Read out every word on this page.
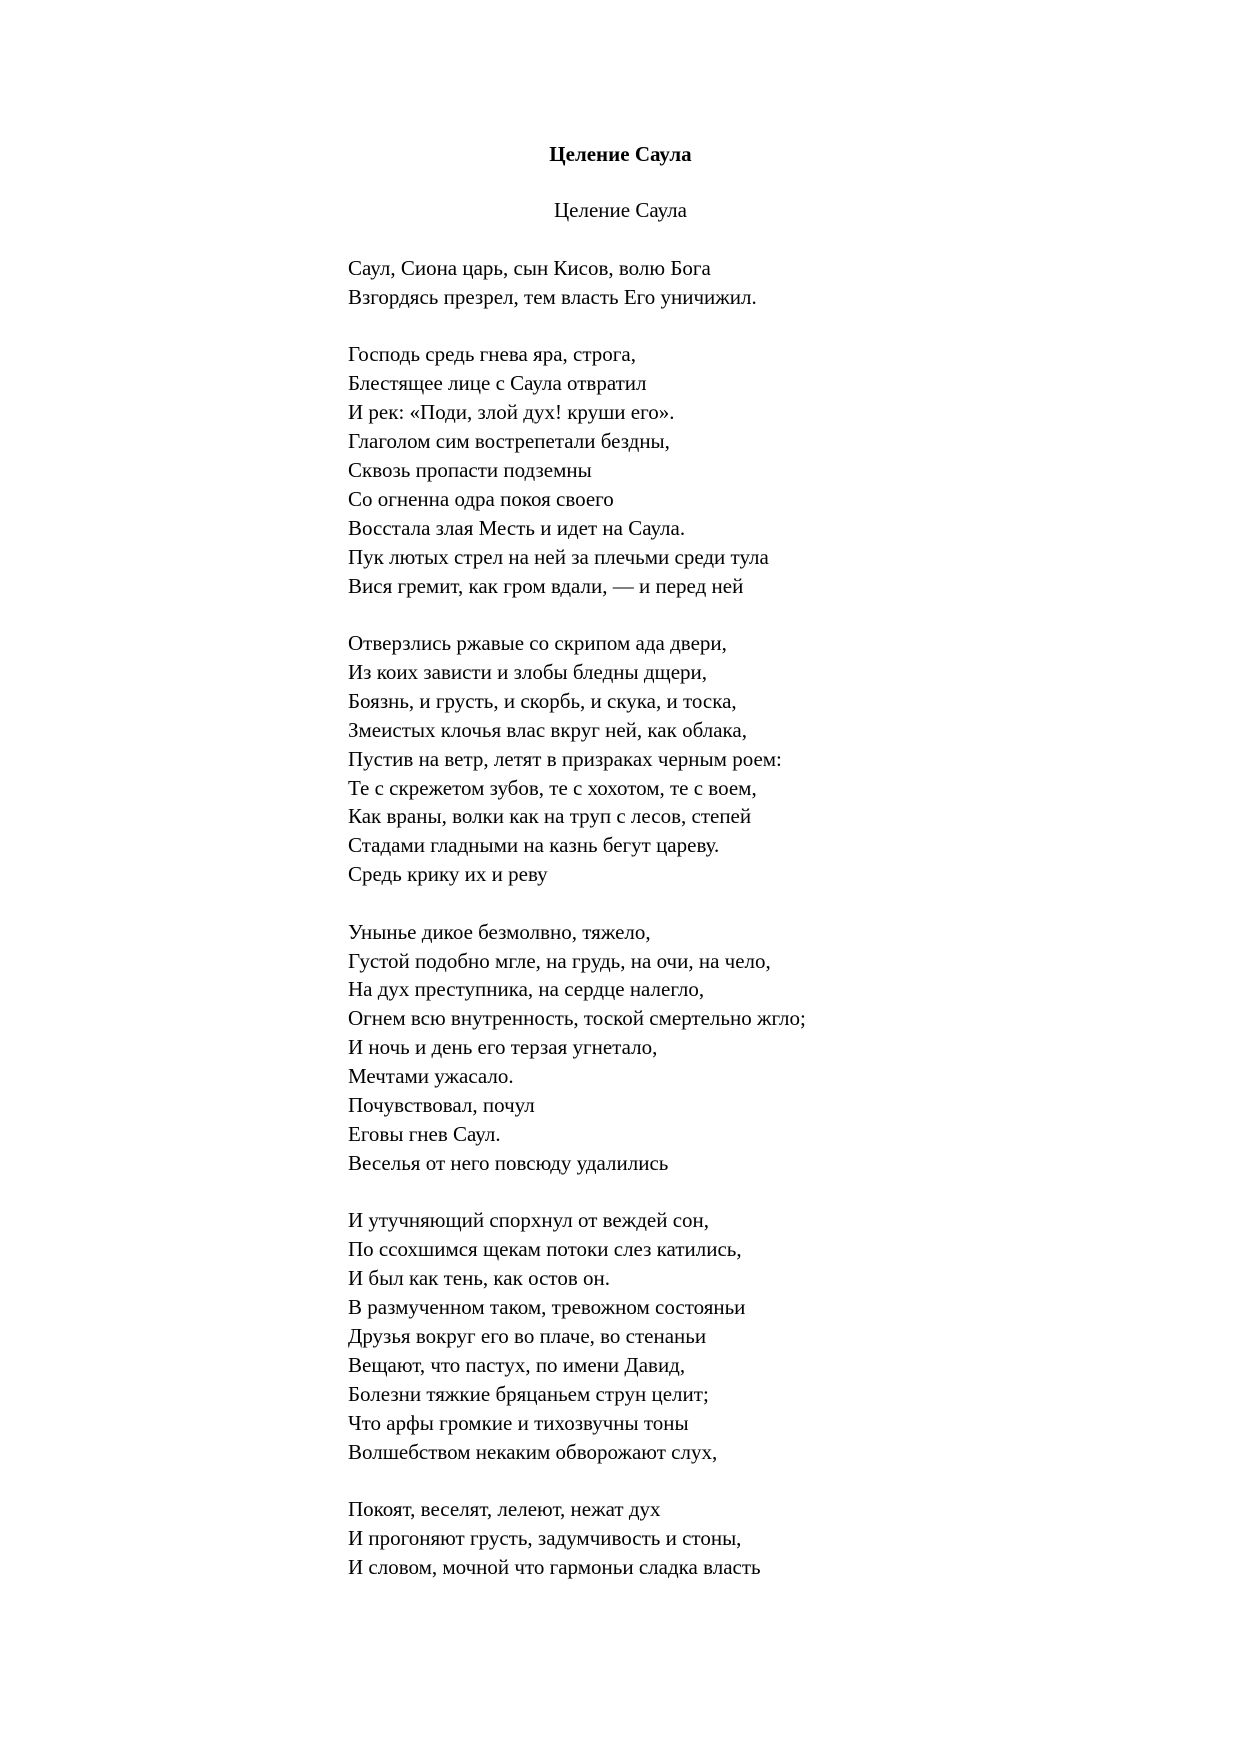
Целение Саула
Целение Саула
Саул, Сиона царь, сын Кисов, волю Бога
Взгордясь презрел, тем власть Его уничижил.
Господь средь гнева яра, строга,
Блестящее лице с Саула отвратил
И рек: «Поди, злой дух! круши его».
Глаголом сим вострепетали бездны,
Сквозь пропасти подземны
Со огненна одра покоя своего
Восстала злая Месть и идет на Саула.
Пук лютых стрел на ней за плечьми среди тула
Вися гремит, как гром вдали, — и перед ней
Отверзлись ржавые со скрипом ада двери,
Из коих зависти и злобы бледны дщери,
Боязнь, и грусть, и скорбь, и скука, и тоска,
Змеистых клочья влас вкруг ней, как облака,
Пустив на ветр, летят в призраках черным роем:
Те с скрежетом зубов, те с хохотом, те с воем,
Как враны, волки как на труп с лесов, степей
Стадами гладными на казнь бегут цареву.
Средь крику их и реву
Унынье дикое безмолвно, тяжело,
Густой подобно мгле, на грудь, на очи, на чело,
На дух преступника, на сердце налегло,
Огнем всю внутренность, тоской смертельно жгло;
И ночь и день его терзая угнетало,
Мечтами ужасало.
Почувствовал, почул
Еговы гнев Саул.
Веселья от него повсюду удалились
И утучняющий спорхнул от веждей сон,
По ссохшимся щекам потоки слез катились,
И был как тень, как остов он.
В размученном таком, тревожном состояньи
Друзья вокруг его во плаче, во стенаньи
Вещают, что пастух, по имени Давид,
Болезни тяжкие бряцаньем струн целит;
Что арфы громкие и тихозвучны тоны
Волшебством некаким обворожают слух,
Покоят, веселят, лелеют, нежат дух
И прогоняют грусть, задумчивость и стоны,
И словом, мочной что гармоньи сладка власть
